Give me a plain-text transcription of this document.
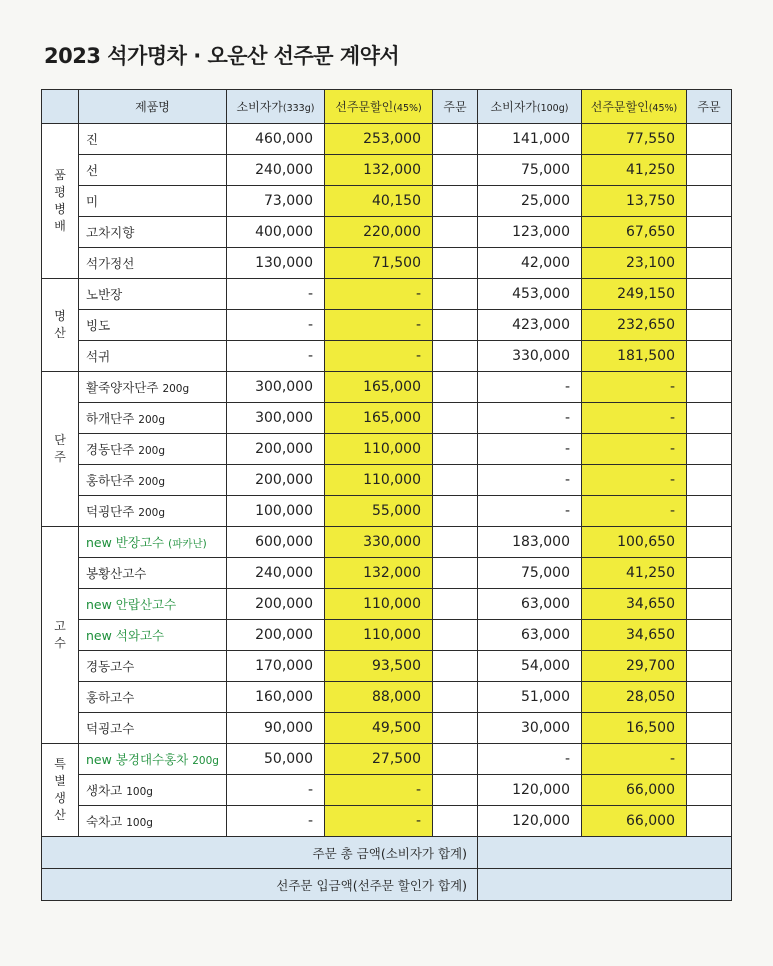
2023 석가명차 · 오운산 선주문 계약서
	제품명	소비자가(333g)	선주문할인(45%)	주문	소비자가(100g)	선주문할인(45%)	주문

품
평
병
배	진	460,000	253,000		141,000	77,550	
	선	240,000	132,000		75,000	41,250	
	미	73,000	40,150		25,000	13,750	
	고차지향	400,000	220,000		123,000	67,650	
	석가정선	130,000	71,500		42,000	23,100	

명
산	노반장	-	-		453,000	249,150	
	빙도	-	-		423,000	232,650	
	석귀	-	-		330,000	181,500	

단
주	활죽양자단주 200g	300,000	165,000		-	-	
	하개단주 200g	300,000	165,000		-	-	
	경동단주 200g	200,000	110,000		-	-	
	홍하단주 200g	200,000	110,000		-	-	
	덕굉단주 200g	100,000	55,000		-	-	

고
수	new 반장고수 (파카난)	600,000	330,000		183,000	100,650	
	봉황산고수	240,000	132,000		75,000	41,250	
	new 안랍산고수	200,000	110,000		63,000	34,650	
	new 석와고수	200,000	110,000		63,000	34,650	
	경동고수	170,000	93,500		54,000	29,700	
	홍하고수	160,000	88,000		51,000	28,050	
	덕굉고수	90,000	49,500		30,000	16,500	

특
별
생
산	new 봉경대수홍차 200g	50,000	27,500		-	-	
	생차고 100g	-	-		120,000	66,000	
	숙차고 100g	-	-		120,000	66,000	
주문 총 금액(소비자가 합계)							
선주문 입금액(선주문 할인가 합계)							
